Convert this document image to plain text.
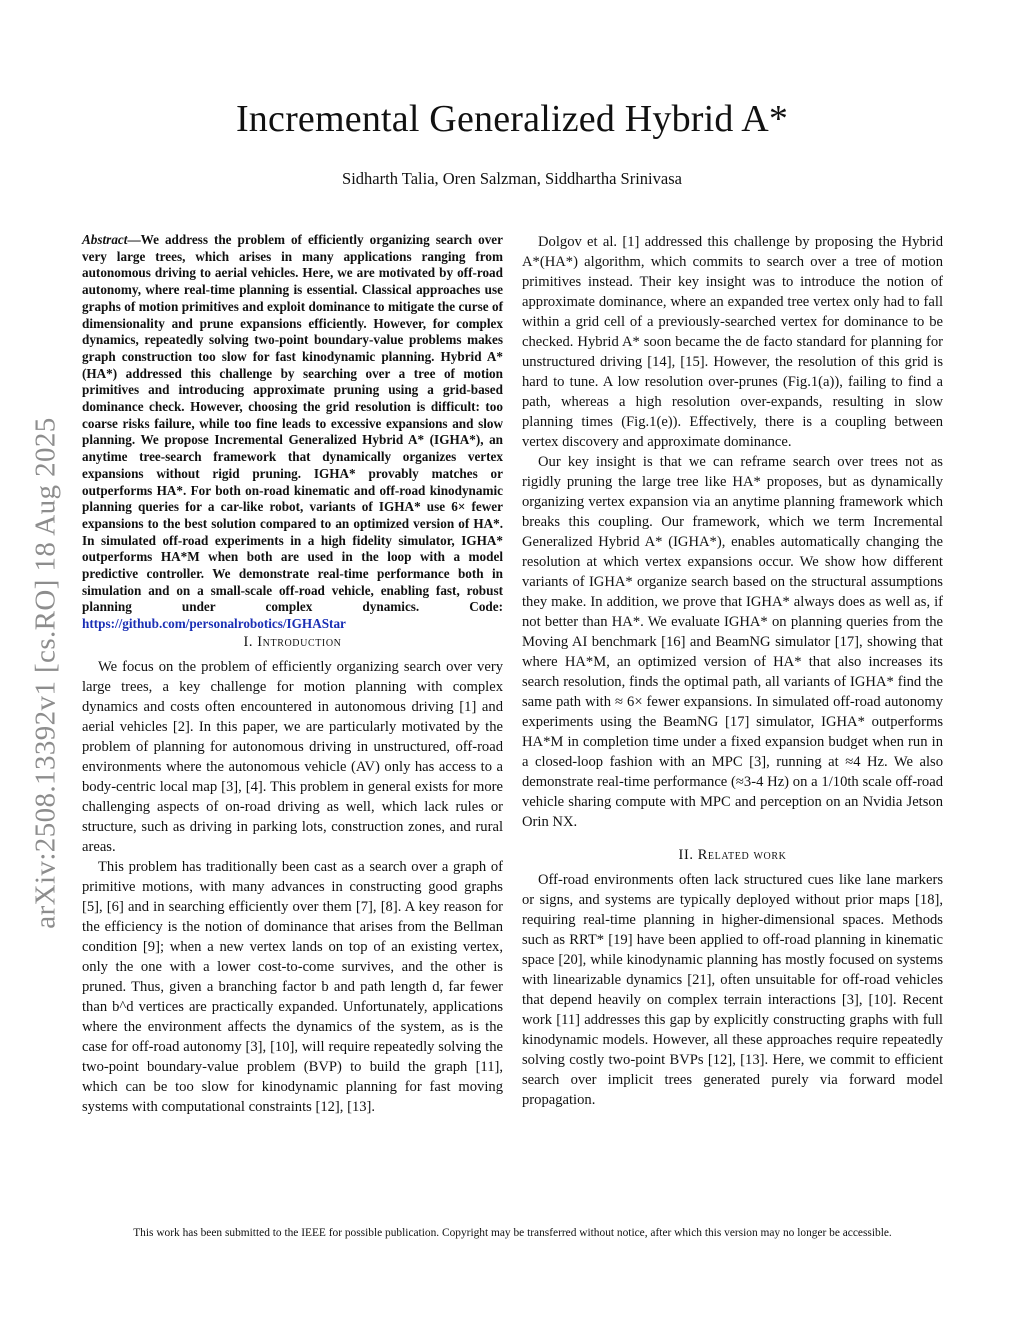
Incremental Generalized Hybrid A*
Sidharth Talia, Oren Salzman, Siddhartha Srinivasa
arXiv:2508.13392v1 [cs.RO] 18 Aug 2025

Abstract—We address the problem of efficiently organizing search over very large trees, which arises in many applications ranging from autonomous driving to aerial vehicles. Here, we are motivated by off-road autonomy, where real-time planning is essential. Classical approaches use graphs of motion primitives and exploit dominance to mitigate the curse of dimensionality and prune expansions efficiently. However, for complex dynamics, repeatedly solving two-point boundary-value problems makes graph construction too slow for fast kinodynamic planning. Hybrid A* (HA*) addressed this challenge by searching over a tree of motion primitives and introducing approximate pruning using a grid-based dominance check. However, choosing the grid resolution is difficult: too coarse risks failure, while too fine leads to excessive expansions and slow planning. We propose Incremental Generalized Hybrid A* (IGHA*), an anytime tree-search framework that dynamically organizes vertex expansions without rigid pruning. IGHA* provably matches or outperforms HA*. For both on-road kinematic and off-road kinodynamic planning queries for a car-like robot, variants of IGHA* use 6× fewer expansions to the best solution compared to an optimized version of HA*. In simulated off-road experiments in a high fidelity simulator, IGHA* outperforms HA*M when both are used in the loop with a model predictive controller. We demonstrate real-time performance both in simulation and on a small-scale off-road vehicle, enabling fast, robust planning under complex dynamics. Code: https://github.com/personalrobotics/IGHAStar

I. Introduction

We focus on the problem of efficiently organizing search over very large trees, a key challenge for motion planning with complex dynamics and costs often encountered in autonomous driving [1] and aerial vehicles [2]. In this paper, we are particularly motivated by the problem of planning for autonomous driving in unstructured, off-road environments where the autonomous vehicle (AV) only has access to a body-centric local map [3], [4]. This problem in general exists for more challenging aspects of on-road driving as well, which lack rules or structure, such as driving in parking lots, construction zones, and rural areas.

This problem has traditionally been cast as a search over a graph of primitive motions, with many advances in constructing good graphs [5], [6] and in searching efficiently over them [7], [8]. A key reason for the efficiency is the notion of dominance that arises from the Bellman condition [9]; when a new vertex lands on top of an existing vertex, only the one with a lower cost-to-come survives, and the other is pruned. Thus, given a branching factor b and path length d, far fewer than b^d vertices are practically expanded. Unfortunately, applications where the environment affects the dynamics of the system, as is the case for off-road autonomy [3], [10], will require repeatedly solving the two-point boundary-value problem (BVP) to build the graph [11], which can be too slow for kinodynamic planning for fast moving systems with computational constraints [12], [13].

Dolgov et al. [1] addressed this challenge by proposing the Hybrid A*(HA*) algorithm, which commits to search over a tree of motion primitives instead. Their key insight was to introduce the notion of approximate dominance, where an expanded tree vertex only had to fall within a grid cell of a previously-searched vertex for dominance to be checked. Hybrid A* soon became the de facto standard for planning for unstructured driving [14], [15]. However, the resolution of this grid is hard to tune. A low resolution over-prunes (Fig.1(a)), failing to find a path, whereas a high resolution over-expands, resulting in slow planning times (Fig.1(e)). Effectively, there is a coupling between vertex discovery and approximate dominance.

Our key insight is that we can reframe search over trees not as rigidly pruning the large tree like HA* proposes, but as dynamically organizing vertex expansion via an anytime planning framework which breaks this coupling. Our framework, which we term Incremental Generalized Hybrid A* (IGHA*), enables automatically changing the resolution at which vertex expansions occur. We show how different variants of IGHA* organize search based on the structural assumptions they make. In addition, we prove that IGHA* always does as well as, if not better than HA*. We evaluate IGHA* on planning queries from the Moving AI benchmark [16] and BeamNG simulator [17], showing that where HA*M, an optimized version of HA* that also increases its search resolution, finds the optimal path, all variants of IGHA* find the same path with ≈ 6× fewer expansions. In simulated off-road autonomy experiments using the BeamNG [17] simulator, IGHA* outperforms HA*M in completion time under a fixed expansion budget when run in a closed-loop fashion with an MPC [3], running at ≈4 Hz. We also demonstrate real-time performance (≈3-4 Hz) on a 1/10th scale off-road vehicle sharing compute with MPC and perception on an Nvidia Jetson Orin NX.

II. Related work

Off-road environments often lack structured cues like lane markers or signs, and systems are typically deployed without prior maps [18], requiring real-time planning in higher-dimensional spaces. Methods such as RRT* [19] have been applied to off-road planning in kinematic space [20], while kinodynamic planning has mostly focused on systems with linearizable dynamics [21], often unsuitable for off-road vehicles that depend heavily on complex terrain interactions [3], [10]. Recent work [11] addresses this gap by explicitly constructing graphs with full kinodynamic models. However, all these approaches require repeatedly solving costly two-point BVPs [12], [13]. Here, we commit to efficient search over implicit trees generated purely via forward model propagation.

This work has been submitted to the IEEE for possible publication. Copyright may be transferred without notice, after which this version may no longer be accessible.
